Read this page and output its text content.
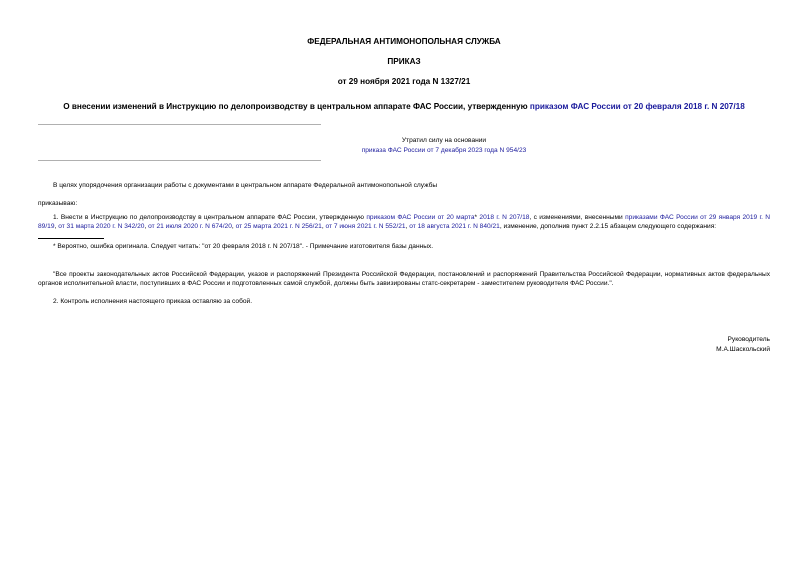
ФЕДЕРАЛЬНАЯ АНТИМОНОПОЛЬНАЯ СЛУЖБА
ПРИКАЗ
от 29 ноября 2021 года N 1327/21
О внесении изменений в Инструкцию по делопроизводству в центральном аппарате ФАС России, утвержденную приказом ФАС России от 20 февраля 2018 г. N 207/18
Утратил силу на основании
приказа ФАС России от 7 декабря 2023 года N 954/23
В целях упорядочения организации работы с документами в центральном аппарате Федеральной антимонопольной службы
приказываю:
1. Внести в Инструкцию по делопроизводству в центральном аппарате ФАС России, утвержденную приказом ФАС России от 20 марта* 2018 г. N 207/18, с изменениями, внесенными приказами ФАС России от 29 января 2019 г. N 89/19, от 31 марта 2020 г. N 342/20, от 21 июля 2020 г. N 674/20, от 25 марта 2021 г. N 256/21, от 7 июня 2021 г. N 552/21, от 18 августа 2021 г. N 840/21, изменение, дополнив пункт 2.2.15 абзацем следующего содержания:
* Вероятно, ошибка оригинала. Следует читать: "от 20 февраля 2018 г. N 207/18". - Примечание изготовителя базы данных.
"Все проекты законодательных актов Российской Федерации, указов и распоряжений Президента Российской Федерации, постановлений и распоряжений Правительства Российской Федерации, нормативных актов федеральных органов исполнительной власти, поступивших в ФАС России и подготовленных самой службой, должны быть завизированы статс-секретарем - заместителем руководителя ФАС России.".
2. Контроль исполнения настоящего приказа оставляю за собой.
Руководитель
М.А.Шаскольский
